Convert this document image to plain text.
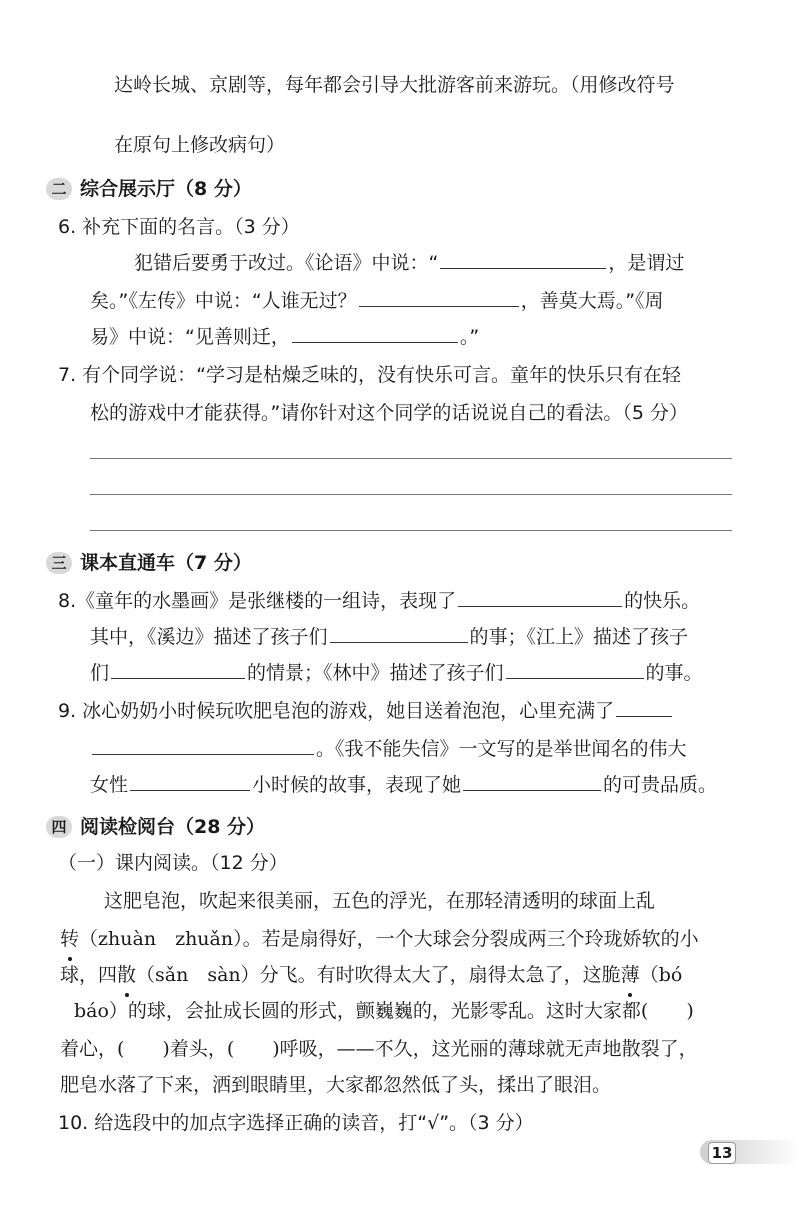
达岭长城、京剧等，每年都会引导大批游客前来游玩。（用修改符号
在原句上修改病句）
二 综合展示厅（8 分）
6. 补充下面的名言。（3 分）
犯错后要勇于改过。《论语》中说：“	，是谓过
矣。”《左传》中说：“人谁无过？	，善莫大焉。”《周
易》中说：“见善则迁，	。”
7. 有个同学说：“学习是枯燥乏味的，没有快乐可言。童年的快乐只有在轻
松的游戏中才能获得。”请你针对这个同学的话说说自己的看法。（5 分）
三 课本直通车（7 分）
8.《童年的水墨画》是张继楼的一组诗，表现了	的快乐。
其中，《溪边》描述了孩子们	的事；《江上》描述了孩子
们	的情景；《林中》描述了孩子们	的事。
9. 冰心奶奶小时候玩吹肥皂泡的游戏，她目送着泡泡，心里充满了
。《我不能失信》一文写的是举世闻名的伟大
女性	小时候的故事，表现了她	的可贵品质。
四 阅读检阅台（28 分）
（一）课内阅读。（12 分）
这肥皂泡，吹起来很美丽，五色的浮光，在那轻清透明的球面上乱
转（zhuàn　zhuǎn）。若是扇得好，一个大球会分裂成两三个玲珑娇软的小
球，四散（sǎn　sàn）分飞。有时吹得太大了，扇得太急了，这脆薄（bó
báo）的球，会扯成长圆的形式，颤巍巍的，光影零乱。这时大家都( )
着心，( )着头，( )呼吸，——不久，这光丽的薄球就无声地散裂了，
肥皂水落了下来，洒到眼睛里，大家都忽然低了头，揉出了眼泪。
10. 给选段中的加点字选择正确的读音，打“√”。（3 分）
13
